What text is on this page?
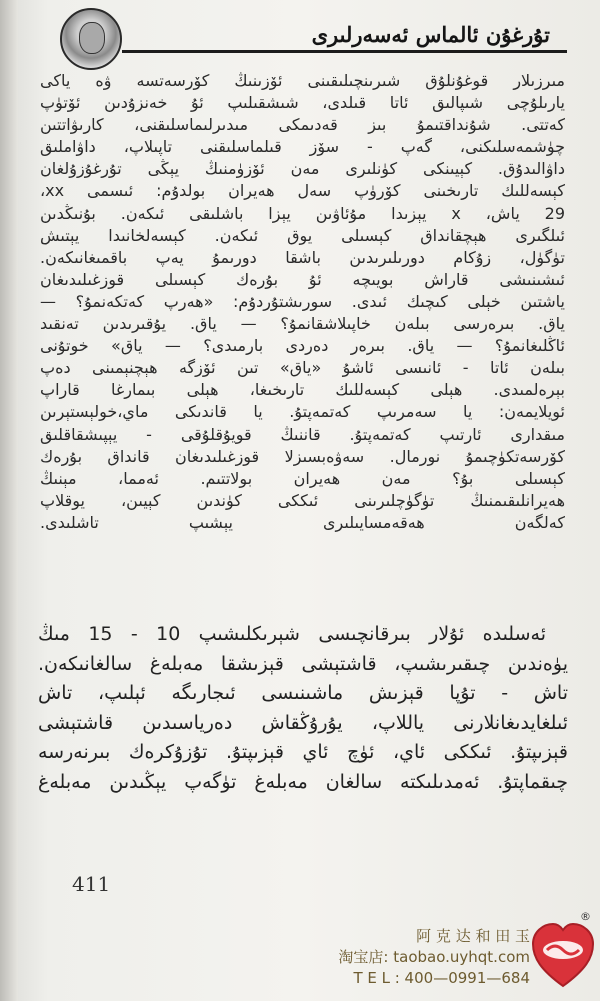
تۇرغۇن ئالماس ئەسەرلىرى
مىرزىلار قوغۇنلۇق شىرىنچىلىقىنى ئۆزىنىڭ كۆرسەتسە ۋە ياكى
يارىلۇچى شىپالىق ئاتا قىلدى، شىشقىلىپ ئۇ خەنزۇدىن ئۆتۈپ
كەتتى. شۇنداقتىمۇ بىز قەدىمكى مىدىرلىماسلىقنى، كارىۋاتتىن
چۈشمەسلىكنى، گەپ - سۆز قىلماسلىقنى تاپىلاپ، داۋاملىق
داۋالىدۇق. كېيىنكى كۈنلىرى مەن ئۆزۈمنىڭ يېڭى تۇرغۇزۇلغان
كېسەللىك تارىخىنى كۆرۈپ سەل ھەيران بولدۇم: ئىسمى xx،
29 ياش، x يېزىدا مۇئاۋىن يېزا باشلىقى ئىكەن. بۇنىڭدىن
ئىلگىرى ھېچقانداق كېسىلى يوق ئىكەن. كېسەلخانىدا يېتىش
تۈگۈل، زۇكام دورىلىرىدىن باشقا دورىمۇ يەپ باقمىغانىكەن.
ئىشىنىشى قاراش بويىچە ئۇ بۇرەك كېسىلى قوزغىلىدىغان
ياشتىن خېلى كىچىك ئىدى. سورىشتۇردۇم: «ھەرپ كەتكەنمۇ؟ —
ياق. بىرەرسى بىلەن خاپىلاشقانمۇ؟ — ياق. يۇقىرىدىن تەنقىد
ئاڭلىغانمۇ؟ — ياق. بىرەر دەردى بارمىدى؟ — ياق» خوتۇنى
بىلەن ئاتا - ئانىسى ئاشۇ «ياق» تىن ئۆزگە ھېچنېمىنى دەپ
بېرەلمىدى. ھېلى كېسەللىك تارىخىغا، ھېلى بىمارغا قاراپ
ئويلايمەن: يا سەمرىپ كەتمەپتۇ. يا قاندىكى ماي،خولېستېرىن
مىقدارى ئارتىپ كەتمەپتۇ. قاننىڭ قويۇقلۇقى - يېپىشقاقلىق
كۆرسەتكۈچىمۇ نورمال. سەۋەبسىزلا قوزغىلىدىغان قانداق بۇرەك
كېسىلى بۇ؟ مەن ھەيران بولاتتىم. ئەمما، مېنىڭ
ھەيرانلىقىمنىڭ تۈگۈچلىرىنى ئىككى كۈندىن كېيىن، يوقلاپ
كەلگەن ھەقەمسايىلىرى يېشىپ تاشلىدى.
ئەسلىدە ئۇلار بىرقانچىسى شېرىكلىشىپ 10 - 15 مىڭ
يۈەندىن چىقىرىشىپ، قاشتېشى قېزىشقا مەبلەغ سالغانىكەن.
تاش - تۇپا قېزىش ماشىنىسى ئىجارىگە ئېلىپ، تاش
ئىلغايدىغانلارنى ياللاپ، يۇرۇڭقاش دەرياسىدىن قاشتېشى
قېزىپتۇ. ئىككى ئاي، ئۈچ ئاي قېزىپتۇ. تۇزۇكرەك بىرنەرسە
چىقماپتۇ. ئەمدىلىكتە سالغان مەبلەغ تۈگەپ يېڭىدىن مەبلەغ
411
阿 克 达 和 田 玉
淘宝店: taobao.uyhqt.com
T E L : 400—0991—684
®
